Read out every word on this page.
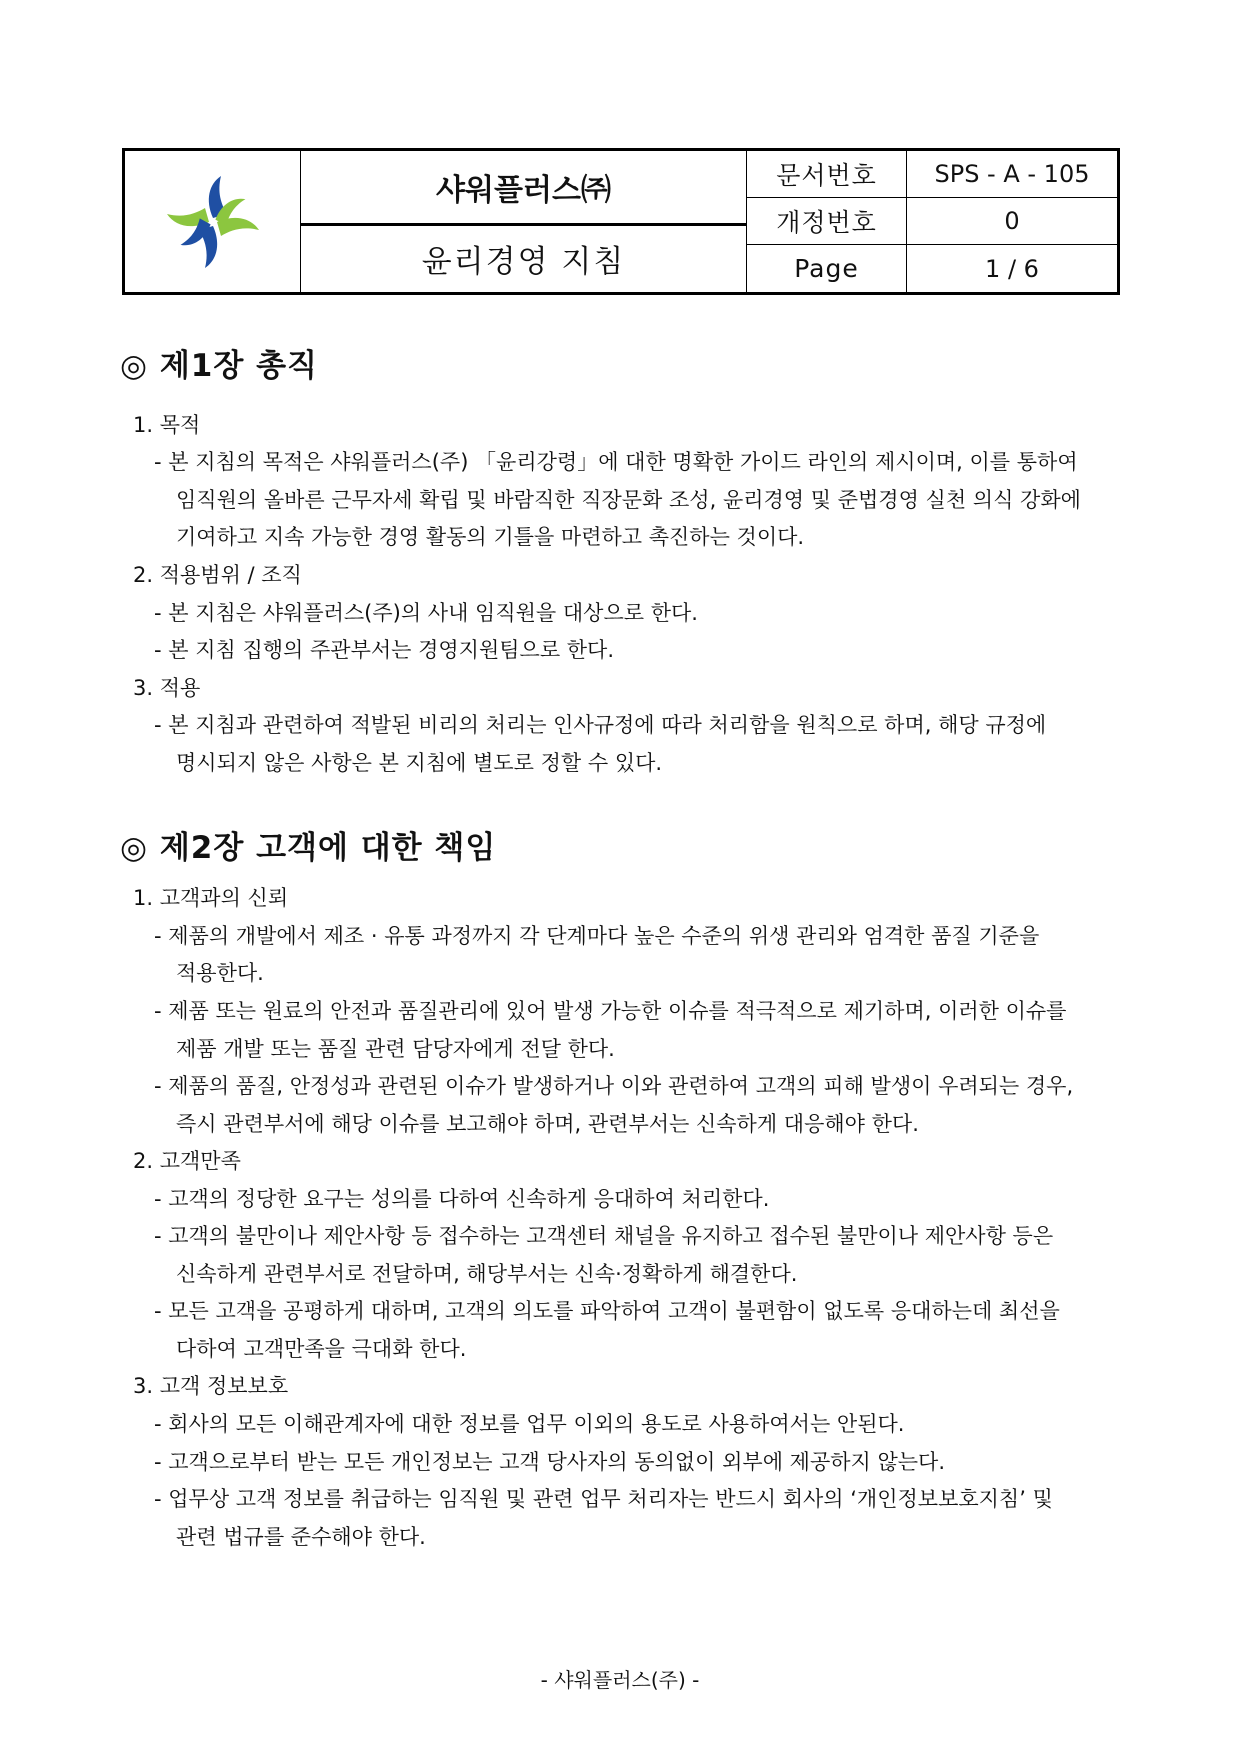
샤워플러스㈜
윤리경영 지침
문서번호	SPS - A - 105
개정번호	0
Page	1 / 6
◎ 제1장 총직
1. 목적
- 본 지침의 목적은 샤워플러스(주) 「윤리강령」에 대한 명확한 가이드 라인의 제시이며, 이를 통하여
임직원의 올바른 근무자세 확립 및 바람직한 직장문화 조성, 윤리경영 및 준법경영 실천 의식 강화에
기여하고 지속 가능한 경영 활동의 기틀을 마련하고 촉진하는 것이다.
2. 적용범위 / 조직
- 본 지침은 샤워플러스(주)의 사내 임직원을 대상으로 한다.
- 본 지침 집행의 주관부서는 경영지원팀으로 한다.
3. 적용
- 본 지침과 관련하여 적발된 비리의 처리는 인사규정에 따라 처리함을 원칙으로 하며, 해당 규정에
명시되지 않은 사항은 본 지침에 별도로 정할 수 있다.
◎ 제2장 고객에 대한 책임
1. 고객과의 신뢰
- 제품의 개발에서 제조 · 유통 과정까지 각 단계마다 높은 수준의 위생 관리와 엄격한 품질 기준을
적용한다.
- 제품 또는 원료의 안전과 품질관리에 있어 발생 가능한 이슈를 적극적으로 제기하며, 이러한 이슈를
제품 개발 또는 품질 관련 담당자에게 전달 한다.
- 제품의 품질, 안정성과 관련된 이슈가 발생하거나 이와 관련하여 고객의 피해 발생이 우려되는 경우,
즉시 관련부서에 해당 이슈를 보고해야 하며, 관련부서는 신속하게 대응해야 한다.
2. 고객만족
- 고객의 정당한 요구는 성의를 다하여 신속하게 응대하여 처리한다.
- 고객의 불만이나 제안사항 등 접수하는 고객센터 채널을 유지하고 접수된 불만이나 제안사항 등은
신속하게 관련부서로 전달하며, 해당부서는 신속·정확하게 해결한다.
- 모든 고객을 공평하게 대하며, 고객의 의도를 파악하여 고객이 불편함이 없도록 응대하는데 최선을
다하여 고객만족을 극대화 한다.
3. 고객 정보보호
- 회사의 모든 이해관계자에 대한 정보를 업무 이외의 용도로 사용하여서는 안된다.
- 고객으로부터 받는 모든 개인정보는 고객 당사자의 동의없이 외부에 제공하지 않는다.
- 업무상 고객 정보를 취급하는 임직원 및 관련 업무 처리자는 반드시 회사의 ‘개인정보보호지침’ 및
관련 법규를 준수해야 한다.
- 샤워플러스(주) -
